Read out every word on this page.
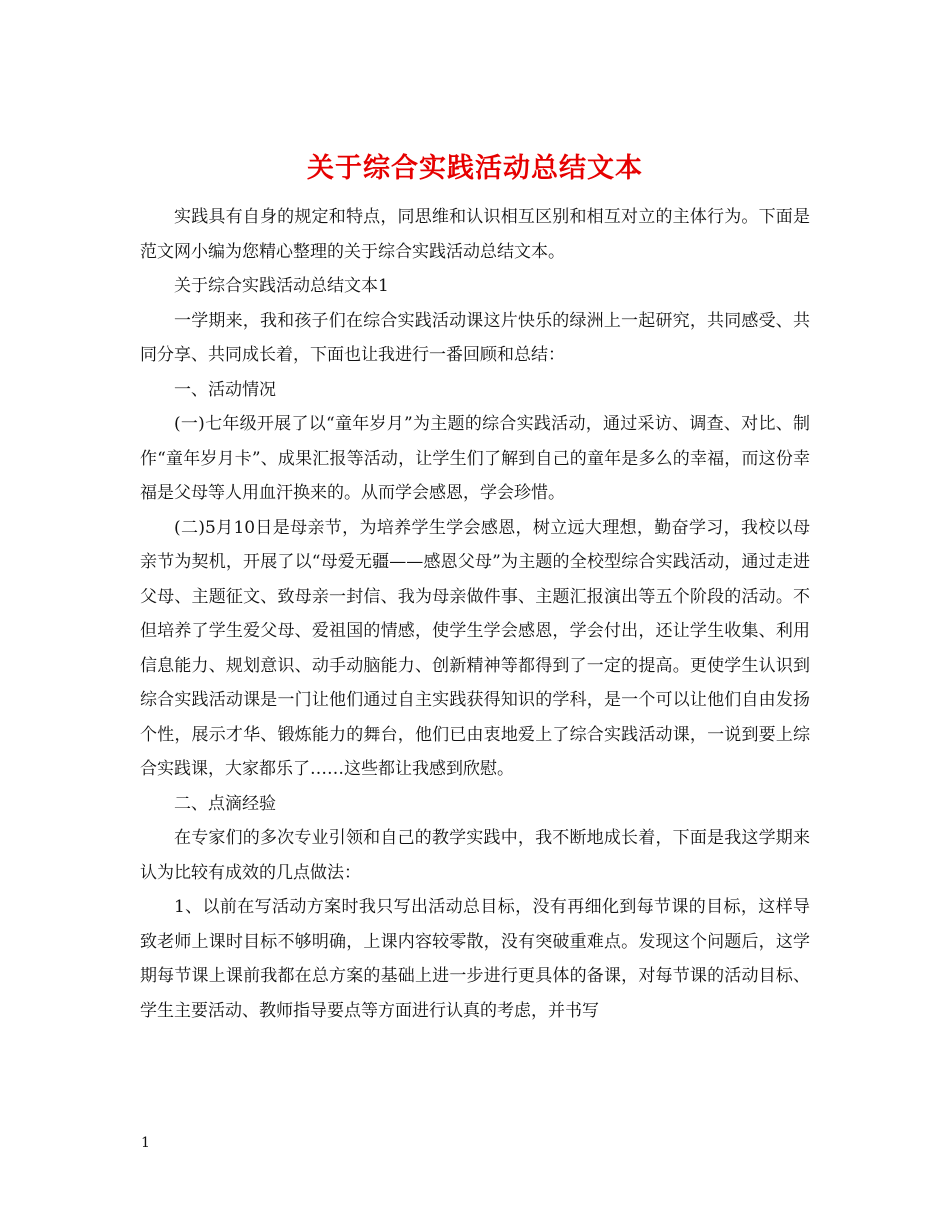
关于综合实践活动总结文本

实践具有自身的规定和特点，同思维和认识相互区别和相互对立的主体行为。下面是范文网小编为您精心整理的关于综合实践活动总结文本。

关于综合实践活动总结文本1

一学期来，我和孩子们在综合实践活动课这片快乐的绿洲上一起研究，共同感受、共同分享、共同成长着，下面也让我进行一番回顾和总结：

一、活动情况

(一)七年级开展了以“童年岁月”为主题的综合实践活动，通过采访、调查、对比、制作“童年岁月卡”、成果汇报等活动，让学生们了解到自己的童年是多么的幸福，而这份幸福是父母等人用血汗换来的。从而学会感恩，学会珍惜。

(二)5月10日是母亲节，为培养学生学会感恩，树立远大理想，勤奋学习，我校以母亲节为契机，开展了以“母爱无疆——感恩父母”为主题的全校型综合实践活动，通过走进父母、主题征文、致母亲一封信、我为母亲做件事、主题汇报演出等五个阶段的活动。不但培养了学生爱父母、爱祖国的情感，使学生学会感恩，学会付出，还让学生收集、利用信息能力、规划意识、动手动脑能力、创新精神等都得到了一定的提高。更使学生认识到综合实践活动课是一门让他们通过自主实践获得知识的学科，是一个可以让他们自由发扬个性，展示才华、锻炼能力的舞台，他们已由衷地爱上了综合实践活动课，一说到要上综合实践课，大家都乐了……这些都让我感到欣慰。

二、点滴经验

在专家们的多次专业引领和自己的教学实践中，我不断地成长着，下面是我这学期来认为比较有成效的几点做法：

1、以前在写活动方案时我只写出活动总目标，没有再细化到每节课的目标，这样导致老师上课时目标不够明确，上课内容较零散，没有突破重难点。发现这个问题后，这学期每节课上课前我都在总方案的基础上进一步进行更具体的备课，对每节课的活动目标、学生主要活动、教师指导要点等方面进行认真的考虑，并书写

1
